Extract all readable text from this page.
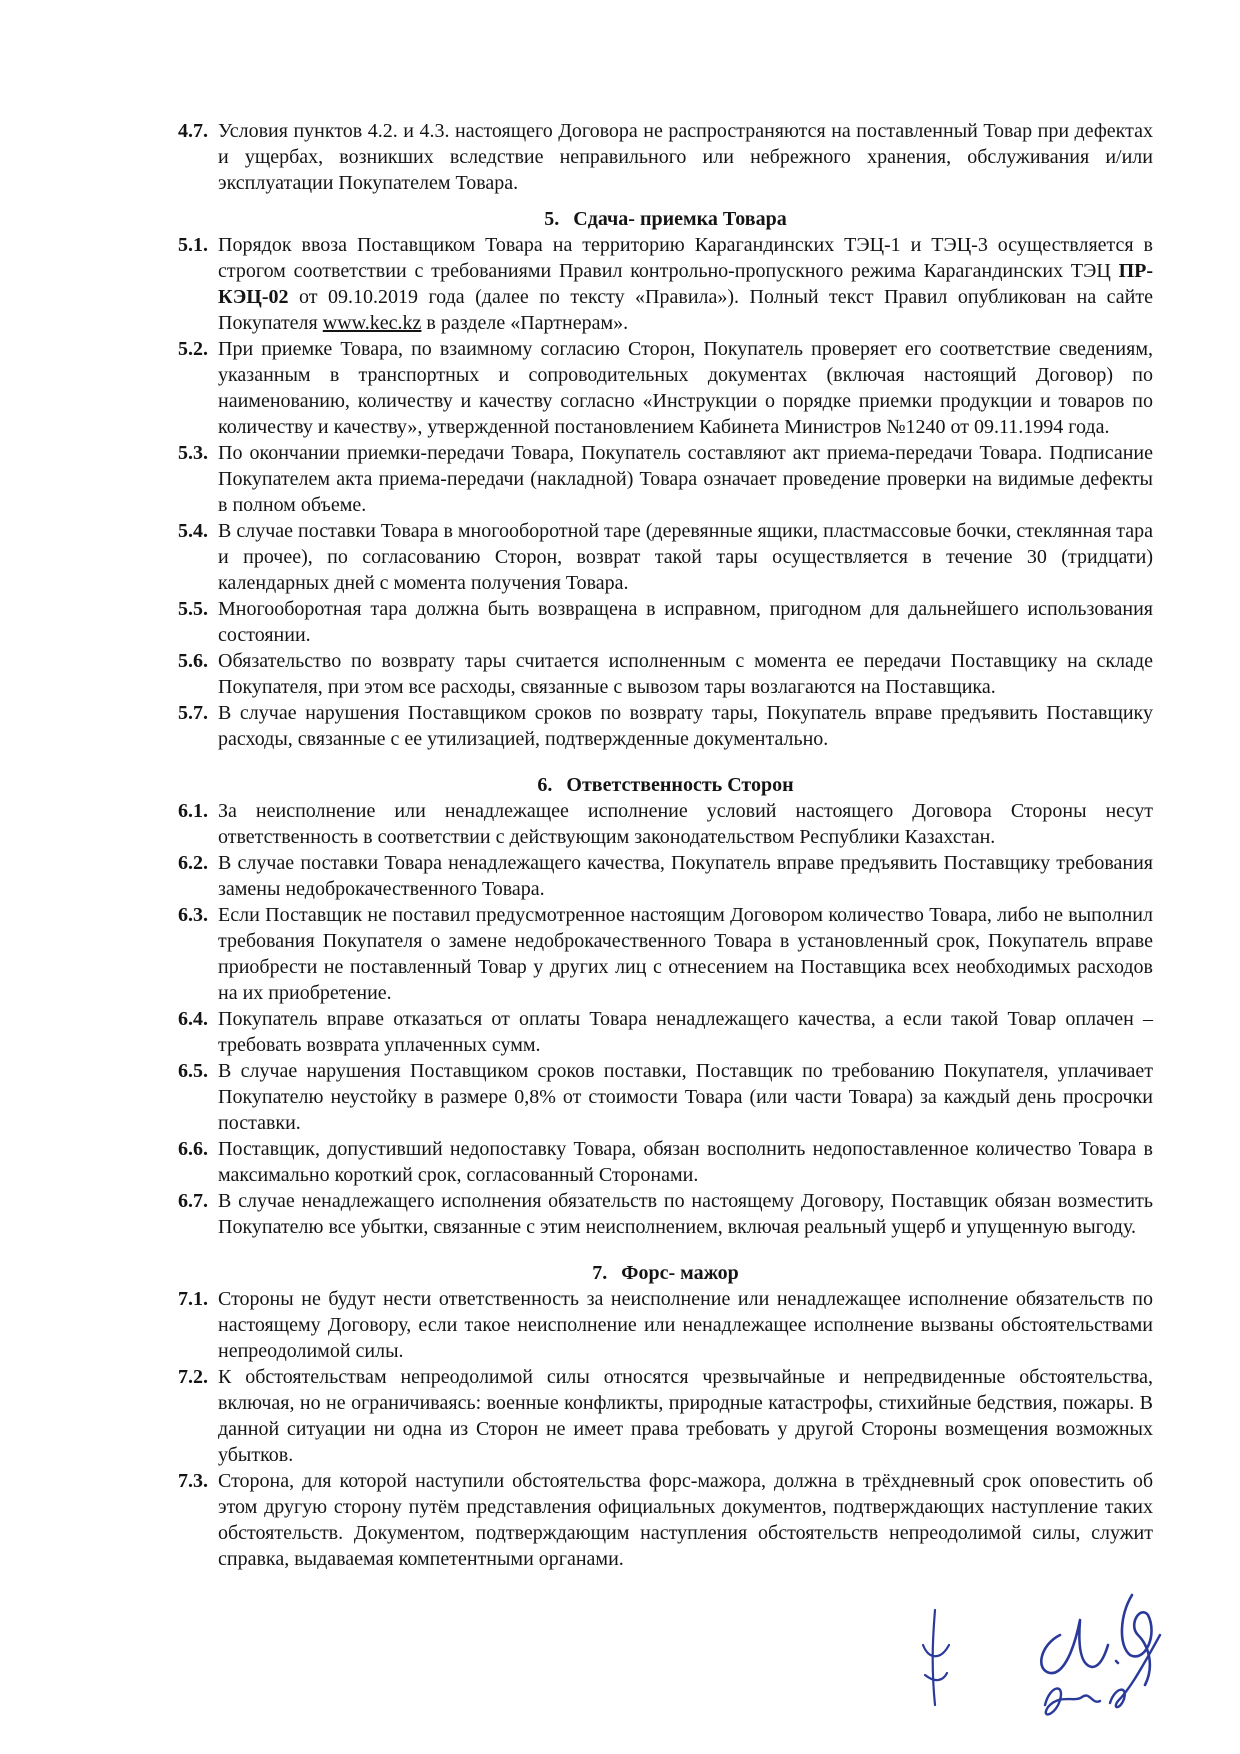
4.7. Условия пунктов 4.2. и 4.3. настоящего Договора не распространяются на поставленный Товар при дефектах и ущербах, возникших вследствие неправильного или небрежного хранения, обслуживания и/или эксплуатации Покупателем Товара.

5. Сдача- приемка Товара

5.1. Порядок ввоза Поставщиком Товара на территорию Карагандинских ТЭЦ-1 и ТЭЦ-3 осуществляется в строгом соответствии с требованиями Правил контрольно-пропускного режима Карагандинских ТЭЦ ПР-КЭЦ-02 от 09.10.2019 года (далее по тексту «Правила»). Полный текст Правил опубликован на сайте Покупателя www.kec.kz в разделе «Партнерам».

5.2. При приемке Товара, по взаимному согласию Сторон, Покупатель проверяет его соответствие сведениям, указанным в транспортных и сопроводительных документах (включая настоящий Договор) по наименованию, количеству и качеству согласно «Инструкции о порядке приемки продукции и товаров по количеству и качеству», утвержденной постановлением Кабинета Министров №1240 от 09.11.1994 года.

5.3. По окончании приемки-передачи Товара, Покупатель составляют акт приема-передачи Товара. Подписание Покупателем акта приема-передачи (накладной) Товара означает проведение проверки на видимые дефекты в полном объеме.

5.4. В случае поставки Товара в многооборотной таре (деревянные ящики, пластмассовые бочки, стеклянная тара и прочее), по согласованию Сторон, возврат такой тары осуществляется в течение 30 (тридцати) календарных дней с момента получения Товара.

5.5. Многооборотная тара должна быть возвращена в исправном, пригодном для дальнейшего использования состоянии.

5.6. Обязательство по возврату тары считается исполненным с момента ее передачи Поставщику на складе Покупателя, при этом все расходы, связанные с вывозом тары возлагаются на Поставщика.

5.7. В случае нарушения Поставщиком сроков по возврату тары, Покупатель вправе предъявить Поставщику расходы, связанные с ее утилизацией, подтвержденные документально.

6. Ответственность Сторон

6.1. За неисполнение или ненадлежащее исполнение условий настоящего Договора Стороны несут ответственность в соответствии с действующим законодательством Республики Казахстан.

6.2. В случае поставки Товара ненадлежащего качества, Покупатель вправе предъявить Поставщику требования замены недоброкачественного Товара.

6.3. Если Поставщик не поставил предусмотренное настоящим Договором количество Товара, либо не выполнил требования Покупателя о замене недоброкачественного Товара в установленный срок, Покупатель вправе приобрести не поставленный Товар у других лиц с отнесением на Поставщика всех необходимых расходов на их приобретение.

6.4. Покупатель вправе отказаться от оплаты Товара ненадлежащего качества, а если такой Товар оплачен – требовать возврата уплаченных сумм.

6.5. В случае нарушения Поставщиком сроков поставки, Поставщик по требованию Покупателя, уплачивает Покупателю неустойку в размере 0,8% от стоимости Товара (или части Товара) за каждый день просрочки поставки.

6.6. Поставщик, допустивший недопоставку Товара, обязан восполнить недопоставленное количество Товара в максимально короткий срок, согласованный Сторонами.

6.7. В случае ненадлежащего исполнения обязательств по настоящему Договору, Поставщик обязан возместить Покупателю все убытки, связанные с этим неисполнением, включая реальный ущерб и упущенную выгоду.

7. Форс- мажор

7.1. Стороны не будут нести ответственность за неисполнение или ненадлежащее исполнение обязательств по настоящему Договору, если такое неисполнение или ненадлежащее исполнение вызваны обстоятельствами непреодолимой силы.

7.2. К обстоятельствам непреодолимой силы относятся чрезвычайные и непредвиденные обстоятельства, включая, но не ограничиваясь: военные конфликты, природные катастрофы, стихийные бедствия, пожары. В данной ситуации ни одна из Сторон не имеет права требовать у другой Стороны возмещения возможных убытков.

7.3. Сторона, для которой наступили обстоятельства форс-мажора, должна в трёхдневный срок оповестить об этом другую сторону путём представления официальных документов, подтверждающих наступление таких обстоятельств. Документом, подтверждающим наступления обстоятельств непреодолимой силы, служит справка, выдаваемая компетентными органами.
